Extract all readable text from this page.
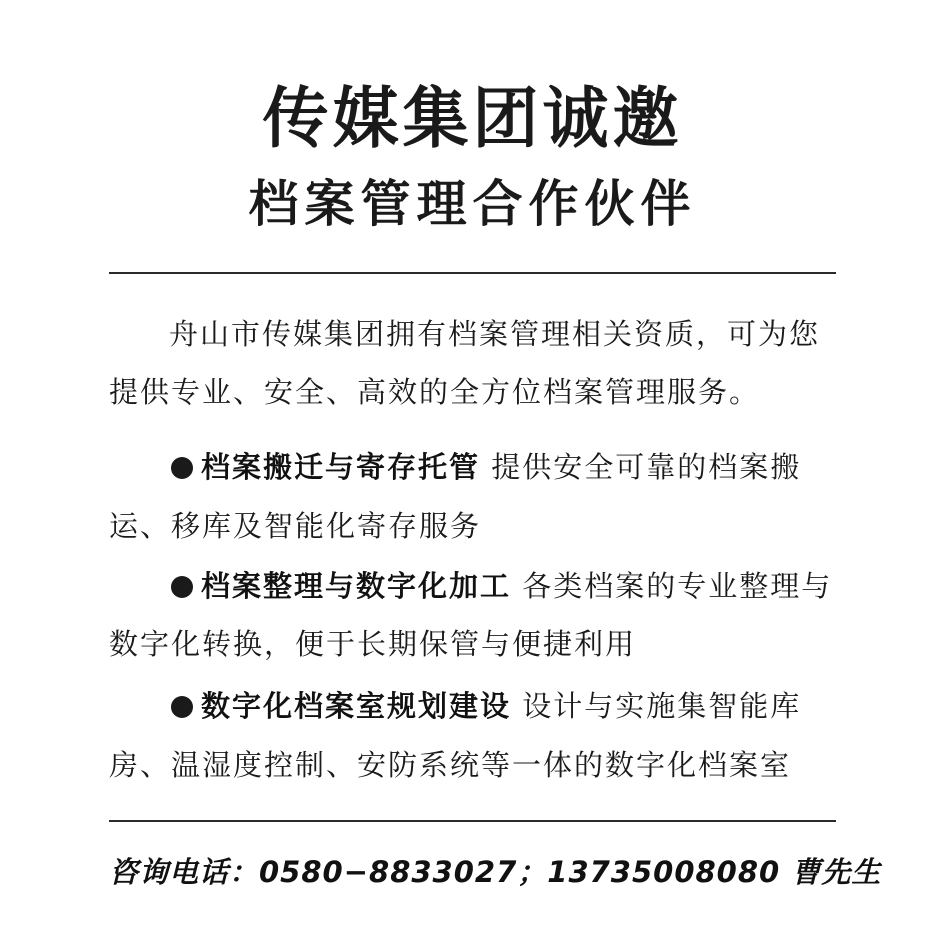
传媒集团诚邀
档案管理合作伙伴

舟山市传媒集团拥有档案管理相关资质，可为您

提供专业、安全、高效的全方位档案管理服务。

档案搬迁与寄存托管 提供安全可靠的档案搬

运、移库及智能化寄存服务

档案整理与数字化加工 各类档案的专业整理与

数字化转换，便于长期保管与便捷利用

数字化档案室规划建设 设计与实施集智能库

房、温湿度控制、安防系统等一体的数字化档案室

咨询电话：0580−8833027；13735008080 曹先生
